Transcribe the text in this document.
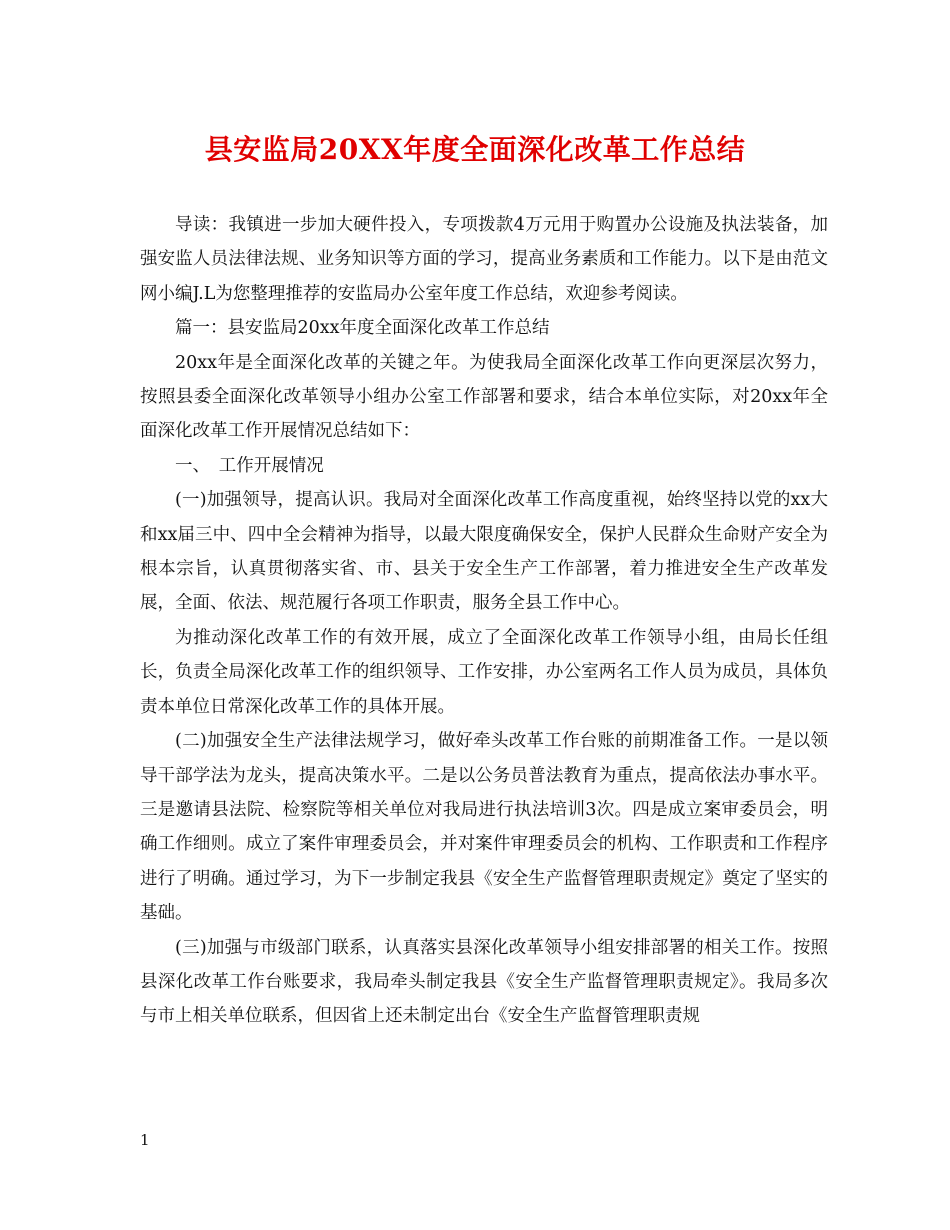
县安监局20XX年度全面深化改革工作总结

导读：我镇进一步加大硬件投入，专项拨款4万元用于购置办公设施及执法装备，加强安监人员法律法规、业务知识等方面的学习，提高业务素质和工作能力。以下是由范文网小编J.L为您整理推荐的安监局办公室年度工作总结，欢迎参考阅读。

篇一：县安监局20xx年度全面深化改革工作总结

20xx年是全面深化改革的关键之年。为使我局全面深化改革工作向更深层次努力，按照县委全面深化改革领导小组办公室工作部署和要求，结合本单位实际，对20xx年全面深化改革工作开展情况总结如下：

一、　工作开展情况

(一)加强领导，提高认识。我局对全面深化改革工作高度重视，始终坚持以党的xx大和xx届三中、四中全会精神为指导，以最大限度确保安全，保护人民群众生命财产安全为根本宗旨，认真贯彻落实省、市、县关于安全生产工作部署，着力推进安全生产改革发展，全面、依法、规范履行各项工作职责，服务全县工作中心。

为推动深化改革工作的有效开展，成立了全面深化改革工作领导小组，由局长任组长，负责全局深化改革工作的组织领导、工作安排，办公室两名工作人员为成员，具体负责本单位日常深化改革工作的具体开展。

(二)加强安全生产法律法规学习，做好牵头改革工作台账的前期准备工作。一是以领导干部学法为龙头，提高决策水平。二是以公务员普法教育为重点，提高依法办事水平。三是邀请县法院、检察院等相关单位对我局进行执法培训3次。四是成立案审委员会，明确工作细则。成立了案件审理委员会，并对案件审理委员会的机构、工作职责和工作程序进行了明确。通过学习，为下一步制定我县《安全生产监督管理职责规定》奠定了坚实的基础。

(三)加强与市级部门联系，认真落实县深化改革领导小组安排部署的相关工作。按照县深化改革工作台账要求，我局牵头制定我县《安全生产监督管理职责规定》。我局多次与市上相关单位联系，但因省上还未制定出台《安全生产监督管理职责规

1
